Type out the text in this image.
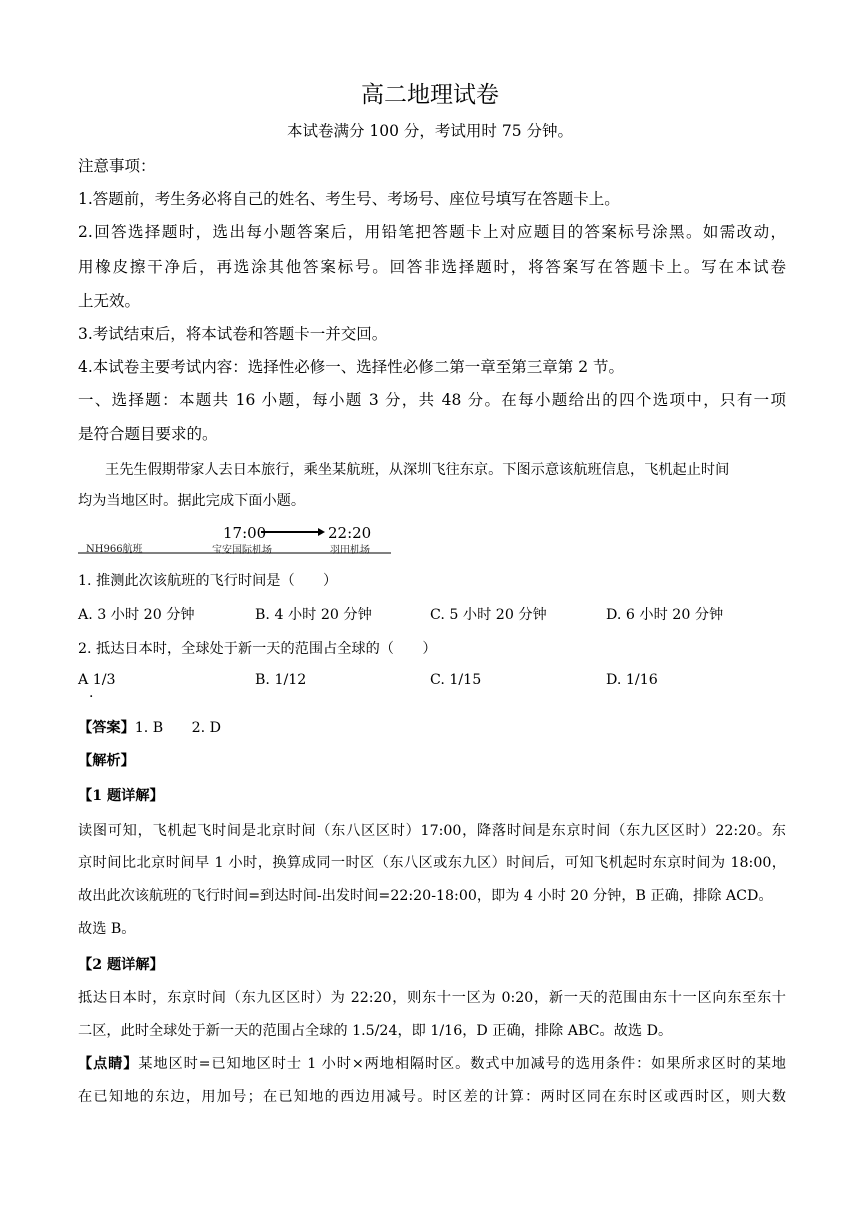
高二地理试卷
本试卷满分 100 分，考试用时 75 分钟。
注意事项：
1.答题前，考生务必将自己的姓名、考生号、考场号、座位号填写在答题卡上。
2.回答选择题时，选出每小题答案后，用铅笔把答题卡上对应题目的答案标号涂黑。如需改动，
用橡皮擦干净后，再选涂其他答案标号。回答非选择题时，将答案写在答题卡上。写在本试卷
上无效。
3.考试结束后，将本试卷和答题卡一并交回。
4.本试卷主要考试内容：选择性必修一、选择性必修二第一章至第三章第 2 节。
一、选择题：本题共 16 小题，每小题 3 分，共 48 分。在每小题给出的四个选项中，只有一项
是符合题目要求的。
王先生假期带家人去日本旅行，乘坐某航班，从深圳飞往东京。下图示意该航班信息，飞机起止时间
均为当地区时。据此完成下面小题。
NH966航班
17:00
宝安国际机场
22:20
羽田机场
1. 推测此次该航班的飞行时间是（　　）
A. 3 小时 20 分钟	B. 4 小时 20 分钟	C. 5 小时 20 分钟	D. 6 小时 20 分钟
2. 抵达日本时，全球处于新一天的范围占全球的（　　）
A 1/3
·
B. 1/12	C. 1/15	D. 1/16
【答案】1. B　　2. D
【解析】
【1 题详解】
读图可知，飞机起飞时间是北京时间（东八区区时）17:00，降落时间是东京时间（东九区区时）22:20。东
京时间比北京时间早 1 小时，换算成同一时区（东八区或东九区）时间后，可知飞机起时东京时间为 18:00，
故出此次该航班的飞行时间=到达时间-出发时间=22:20-18:00，即为 4 小时 20 分钟，B 正确，排除 ACD。
故选 B。
【2 题详解】
抵达日本时，东京时间（东九区区时）为 22:20，则东十一区为 0:20，新一天的范围由东十一区向东至东十
二区，此时全球处于新一天的范围占全球的 1.5/24，即 1/16，D 正确，排除 ABC。故选 D。
【点睛】某地区时=已知地区时士 1 小时×两地相隔时区。数式中加减号的选用条件：如果所求区时的某地
在已知地的东边，用加号；在已知地的西边用减号。时区差的计算：两时区同在东时区或西时区，则大数
